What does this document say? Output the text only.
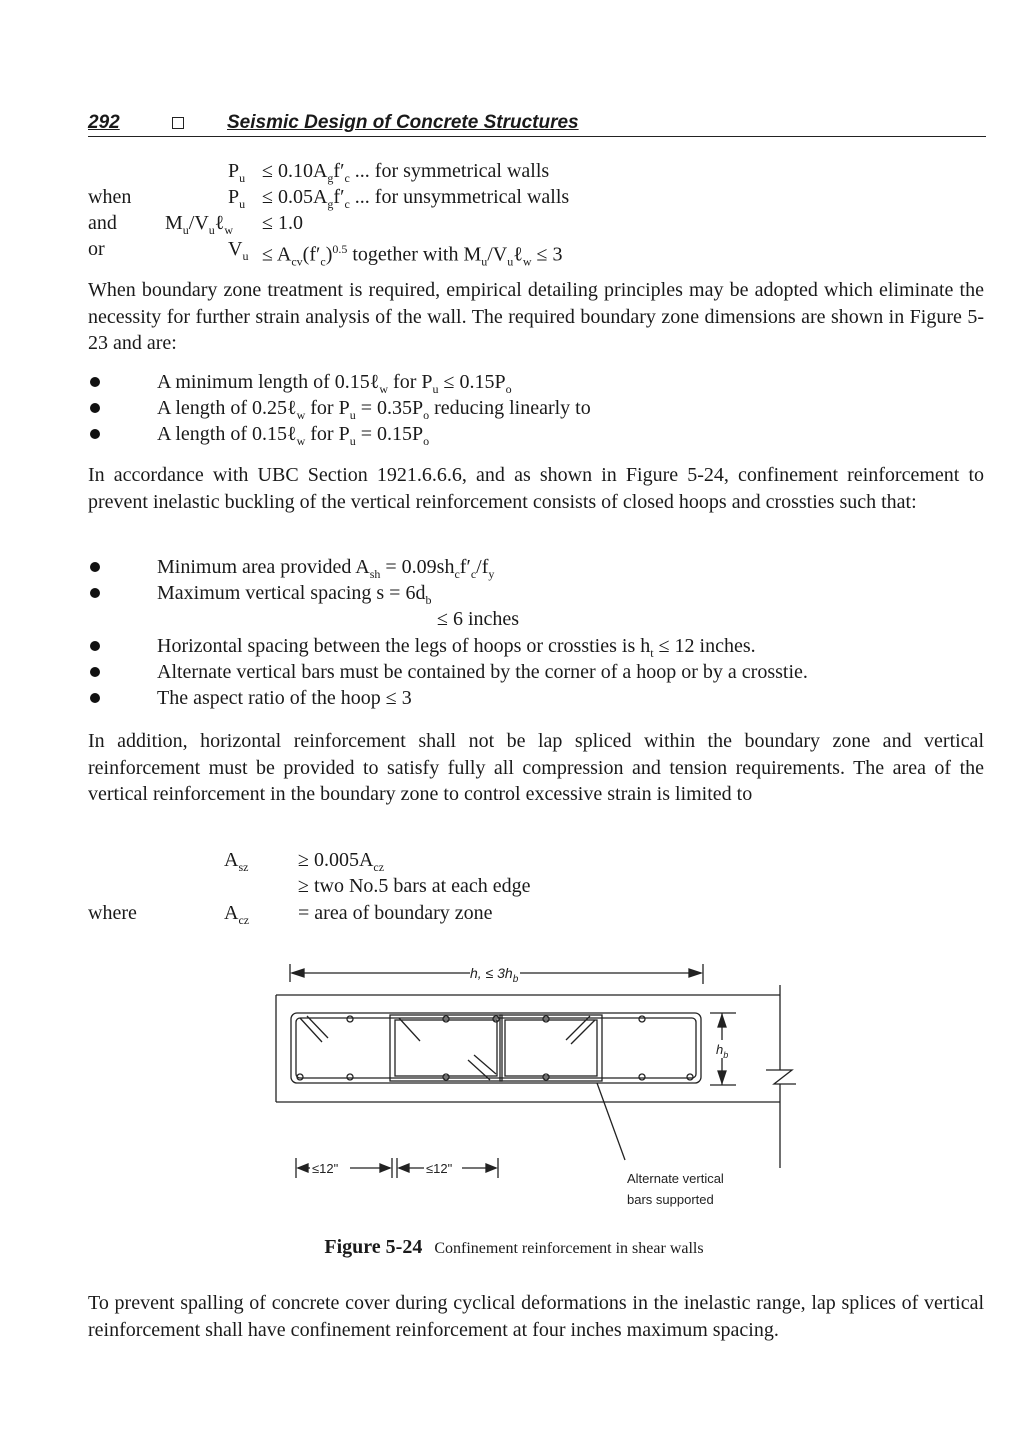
292	Seismic Design of Concrete Structures
when
and
or
$P_u$
$P_u$
$M_u/V_u\ell_w$
$V_u$
≤ $0.10A_gf'_c$ ... for symmetrical walls
≤ $0.05A_gf'_c$ ... for unsymmetrical walls
≤ 1.0
≤ $A_{cv}(f'_c)^{0.5}$ together with $M_u/V_u\ell_w \le 3$
When boundary zone treatment is required, empirical detailing principles may be adopted which eliminate the necessity for further strain analysis of the wall. The required boundary zone dimensions are shown in Figure 5-23 and are:
A minimum length of 0.15ℓ$_w$ for $P_u \le 0.15P_o$
A length of 0.25ℓ$_w$ for $P_u = 0.35P_o$ reducing linearly to
A length of 0.15ℓ$_w$ for $P_u = 0.15P_o$
In accordance with UBC Section 1921.6.6.6, and as shown in Figure 5-24, confinement reinforcement to prevent inelastic buckling of the vertical reinforcement consists of closed hoops and crossties such that:
Minimum area provided $A_{sh} = 0.09sh_cf'_c/f_y$
Maximum vertical spacing $s = 6d_b$
≤ 6 inches
Horizontal spacing between the legs of hoops or crossties is $h_t \le 12$ inches.
Alternate vertical bars must be contained by the corner of a hoop or by a crosstie.
The aspect ratio of the hoop ≤ 3
In addition, horizontal reinforcement shall not be lap spliced within the boundary zone and vertical reinforcement must be provided to satisfy fully all compression and tension requirements. The area of the vertical reinforcement in the boundary zone to control excessive strain is limited to
where
$A_{sz}$
$A_{cz}$
≥ $0.005A_{cz}$
≥ two No.5 bars at each edge
= area of boundary zone
h, ≤ $3h_b$
$h_b$
≤12"	≤12"
Alternate vertical
bars supported
Figure 5-24 Confinement reinforcement in shear walls
To prevent spalling of concrete cover during cyclical deformations in the inelastic range, lap splices of vertical reinforcement shall have confinement reinforcement at four inches maximum spacing.
